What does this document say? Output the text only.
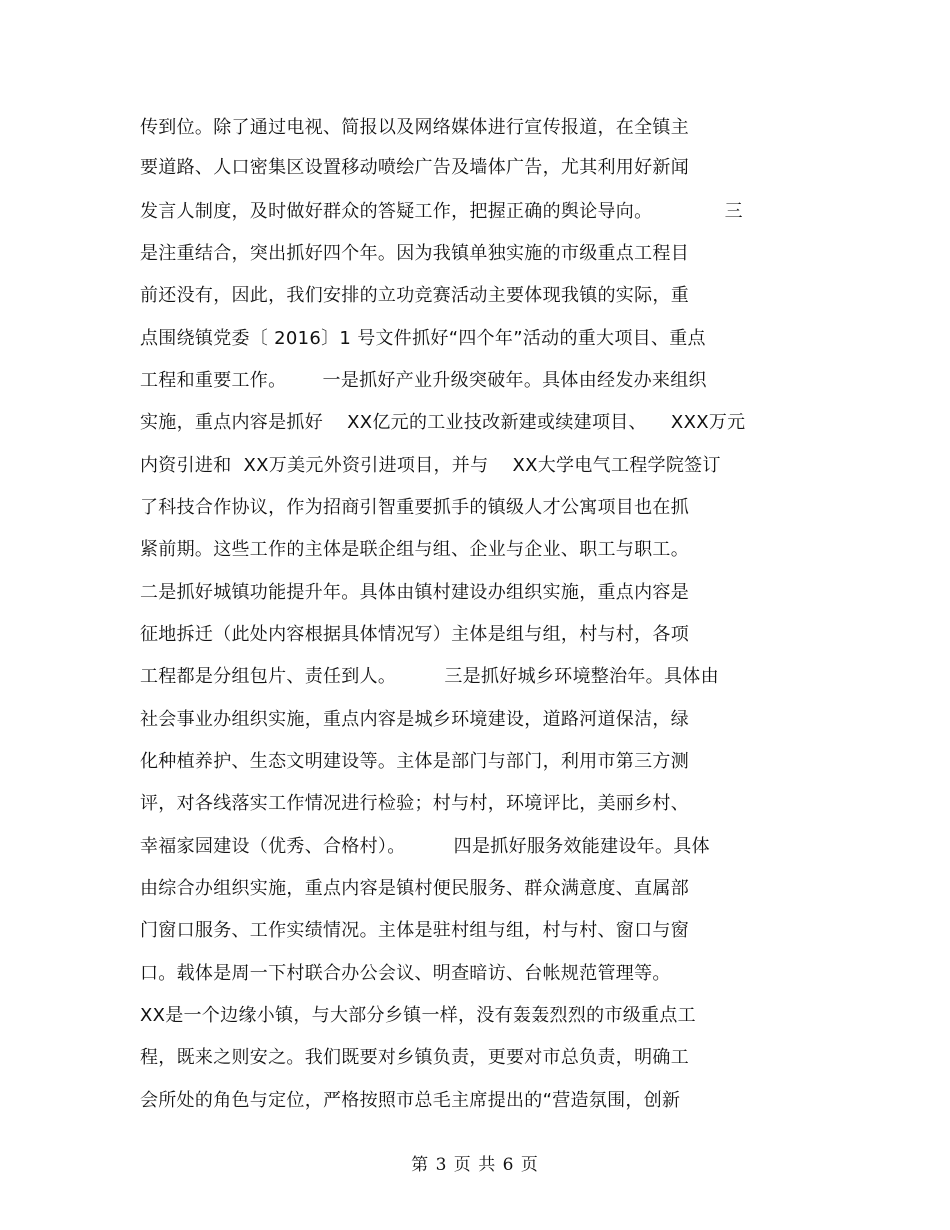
传到位。除了通过电视、简报以及网络媒体进行宣传报道，在全镇主
要道路、人口密集区设置移动喷绘广告及墙体广告，尤其利用好新闻
发言人制度，及时做好群众的答疑工作，把握正确的舆论导向。            三
是注重结合，突出抓好四个年。因为我镇单独实施的市级重点工程目
前还没有，因此，我们安排的立功竞赛活动主要体现我镇的实际，重
点围绕镇党委〔 2016〕1 号文件抓好“四个年”活动的重大项目、重点
工程和重要工作。      一是抓好产业升级突破年。具体由经发办来组织
实施，重点内容是抓好    XX亿元的工业技改新建或续建项目、    XXX万元
内资引进和  XX万美元外资引进项目，并与    XX大学电气工程学院签订
了科技合作协议，作为招商引智重要抓手的镇级人才公寓项目也在抓
紧前期。这些工作的主体是联企组与组、企业与企业、职工与职工。
二是抓好城镇功能提升年。具体由镇村建设办组织实施，重点内容是
征地拆迁（此处内容根据具体情况写）主体是组与组，村与村，各项
工程都是分组包片、责任到人。        三是抓好城乡环境整治年。具体由
社会事业办组织实施，重点内容是城乡环境建设，道路河道保洁，绿
化种植养护、生态文明建设等。主体是部门与部门，利用市第三方测
评，对各线落实工作情况进行检验；村与村，环境评比，美丽乡村、
幸福家园建设（优秀、合格村）。        四是抓好服务效能建设年。具体
由综合办组织实施，重点内容是镇村便民服务、群众满意度、直属部
门窗口服务、工作实绩情况。主体是驻村组与组，村与村、窗口与窗
口。载体是周一下村联合办公会议、明查暗访、台帐规范管理等。
XX是一个边缘小镇，与大部分乡镇一样，没有轰轰烈烈的市级重点工
程，既来之则安之。我们既要对乡镇负责，更要对市总负责，明确工
会所处的角色与定位，严格按照市总毛主席提出的“营造氛围，创新
第 3 页 共 6 页
